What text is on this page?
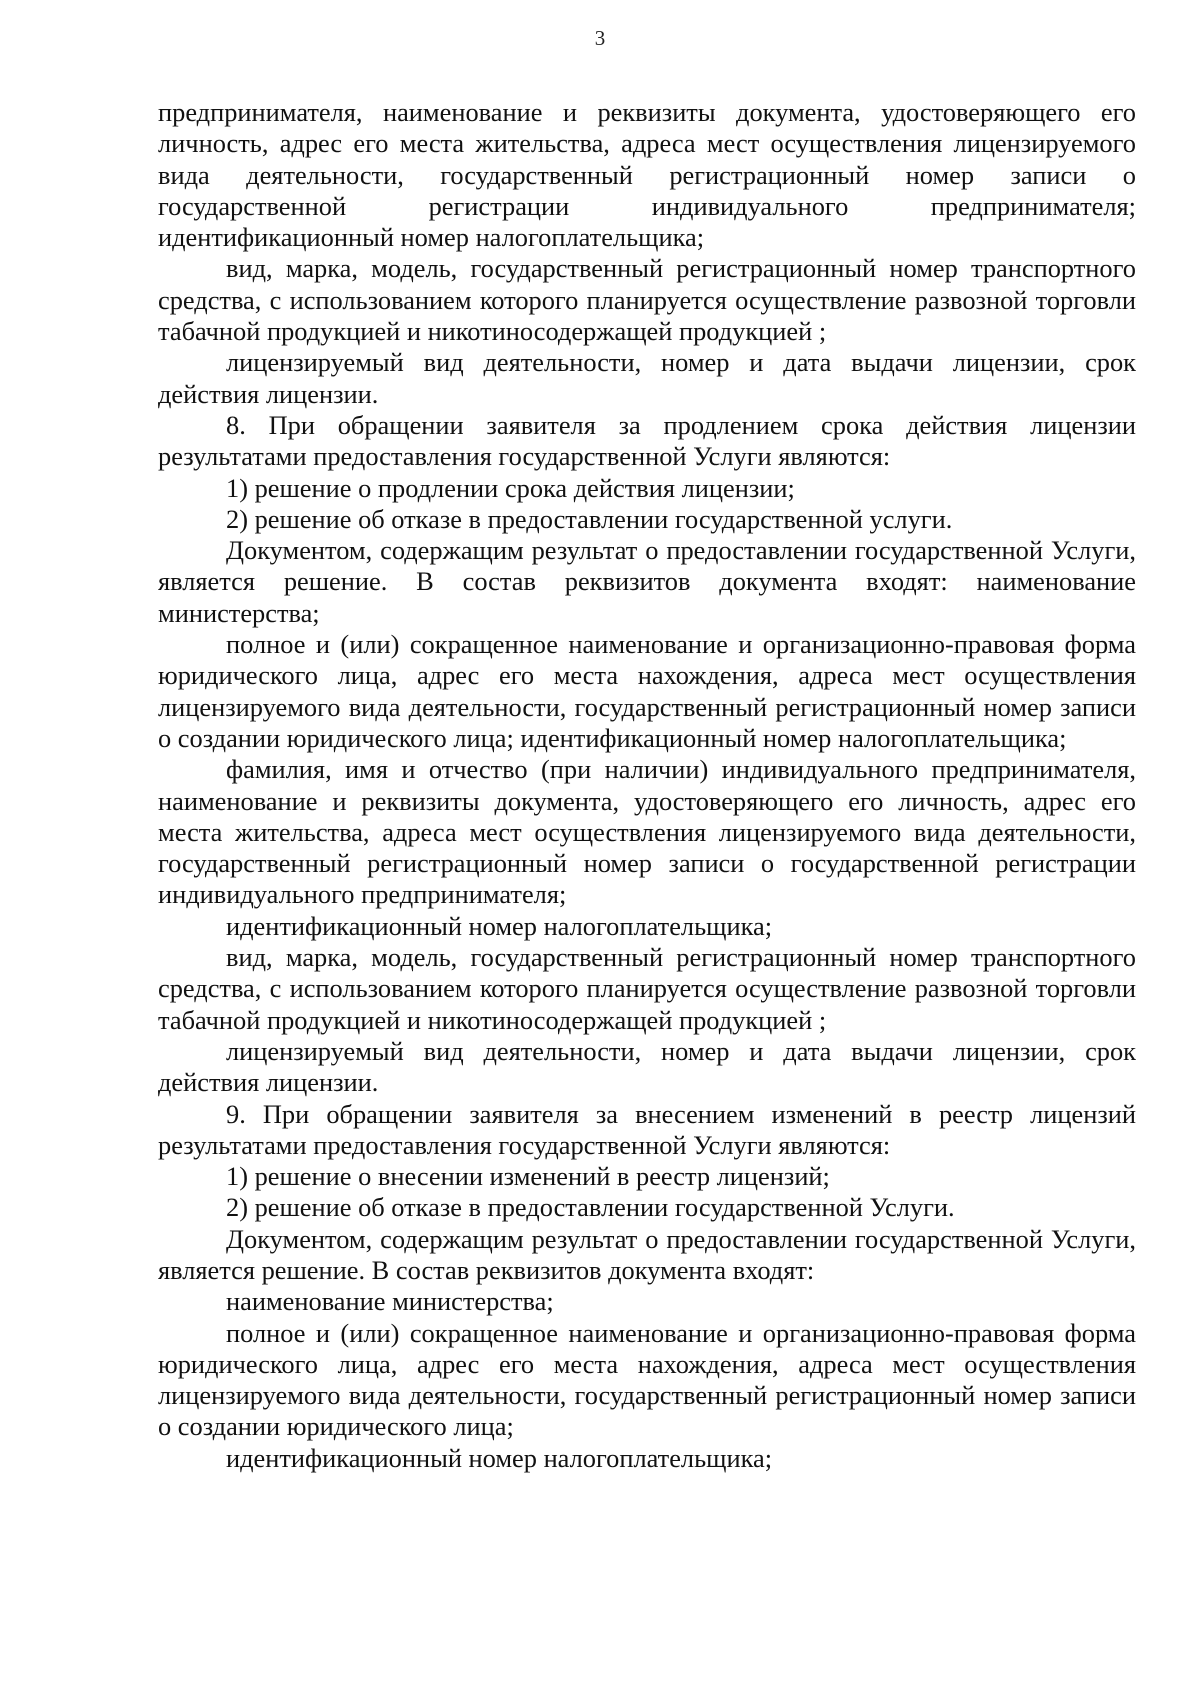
3

предпринимателя, наименование и реквизиты документа, удостоверяющего его личность, адрес его места жительства, адреса мест осуществления лицензируемого вида деятельности, государственный регистрационный номер записи о государственной регистрации индивидуального предпринимателя; идентификационный номер налогоплательщика;

вид, марка, модель, государственный регистрационный номер транспортного средства, с использованием которого планируется осуществление развозной торговли табачной продукцией и никотиносодержащей продукцией ;

лицензируемый вид деятельности, номер и дата выдачи лицензии, срок действия лицензии.

8. При обращении заявителя за продлением срока действия лицензии результатами предоставления государственной Услуги являются:

1) решение о продлении срока действия лицензии;

2) решение об отказе в предоставлении государственной услуги.

Документом, содержащим результат о предоставлении государственной Услуги, является решение. В состав реквизитов документа входят: наименование министерства;

полное и (или) сокращенное наименование и организационно-правовая форма юридического лица, адрес его места нахождения, адреса мест осуществления лицензируемого вида деятельности, государственный регистрационный номер записи о создании юридического лица; идентификационный номер налогоплательщика;

фамилия, имя и отчество (при наличии) индивидуального предпринимателя, наименование и реквизиты документа, удостоверяющего его личность, адрес его места жительства, адреса мест осуществления лицензируемого вида деятельности, государственный регистрационный номер записи о государственной регистрации индивидуального предпринимателя;

идентификационный номер налогоплательщика;

вид, марка, модель, государственный регистрационный номер транспортного средства, с использованием которого планируется осуществление развозной торговли табачной продукцией и никотиносодержащей продукцией ;

лицензируемый вид деятельности, номер и дата выдачи лицензии, срок действия лицензии.

9. При обращении заявителя за внесением изменений в реестр лицензий результатами предоставления государственной Услуги являются:

1) решение о внесении изменений в реестр лицензий;

2) решение об отказе в предоставлении государственной Услуги.

Документом, содержащим результат о предоставлении государственной Услуги, является решение. В состав реквизитов документа входят:

наименование министерства;

полное и (или) сокращенное наименование и организационно-правовая форма юридического лица, адрес его места нахождения, адреса мест осуществления лицензируемого вида деятельности, государственный регистрационный номер записи о создании юридического лица;

идентификационный номер налогоплательщика;
